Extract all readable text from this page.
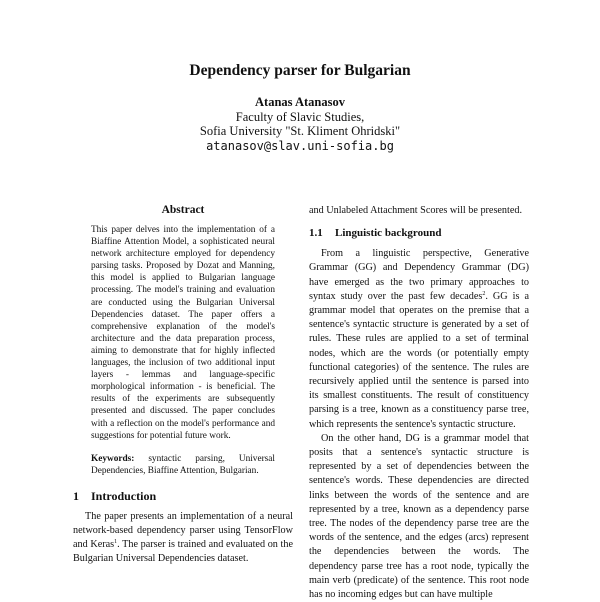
Dependency parser for Bulgarian
Atanas Atanasov
Faculty of Slavic Studies,
Sofia University "St. Kliment Ohridski"
atanasov@slav.uni-sofia.bg
Abstract
This paper delves into the implementation of a Biaffine Attention Model, a sophisticated neural network architecture employed for dependency parsing tasks. Proposed by Dozat and Manning, this model is applied to Bulgarian language processing. The model's training and evaluation are conducted using the Bulgarian Universal Dependencies dataset. The paper offers a comprehensive explanation of the model's architecture and the data preparation process, aiming to demonstrate that for highly inflected languages, the inclusion of two additional input layers - lemmas and language-specific morphological information - is beneficial. The results of the experiments are subsequently presented and discussed. The paper concludes with a reflection on the model's performance and suggestions for potential future work.
Keywords: syntactic parsing, Universal Dependencies, Biaffine Attention, Bulgarian.
1 Introduction

The paper presents an implementation of a neural network-based dependency parser using TensorFlow and Keras$^1$. The parser is trained and evaluated on the Bulgarian Universal Dependencies dataset.

and Unlabeled Attachment Scores will be presented.

1.1 Linguistic background

From a linguistic perspective, Generative Grammar (GG) and Dependency Grammar (DG) have emerged as the two primary approaches to syntax study over the past few decades$^2$. GG is a grammar model that operates on the premise that a sentence's syntactic structure is generated by a set of rules. These rules are applied to a set of terminal nodes, which are the words (or potentially empty functional categories) of the sentence. The rules are recursively applied until the sentence is parsed into its smallest constituents. The result of constituency parsing is a tree, known as a constituency parse tree, which represents the sentence's syntactic structure.

On the other hand, DG is a grammar model that posits that a sentence's syntactic structure is represented by a set of dependencies between the sentence's words. These dependencies are directed links between the words of the sentence and are represented by a tree, known as a dependency parse tree. The nodes of the dependency parse tree are the words of the sentence, and the edges (arcs) represent the dependencies between the words. The dependency parse tree has a root node, typically the main verb (predicate) of the sentence. This root node has no incoming edges but can have multiple
